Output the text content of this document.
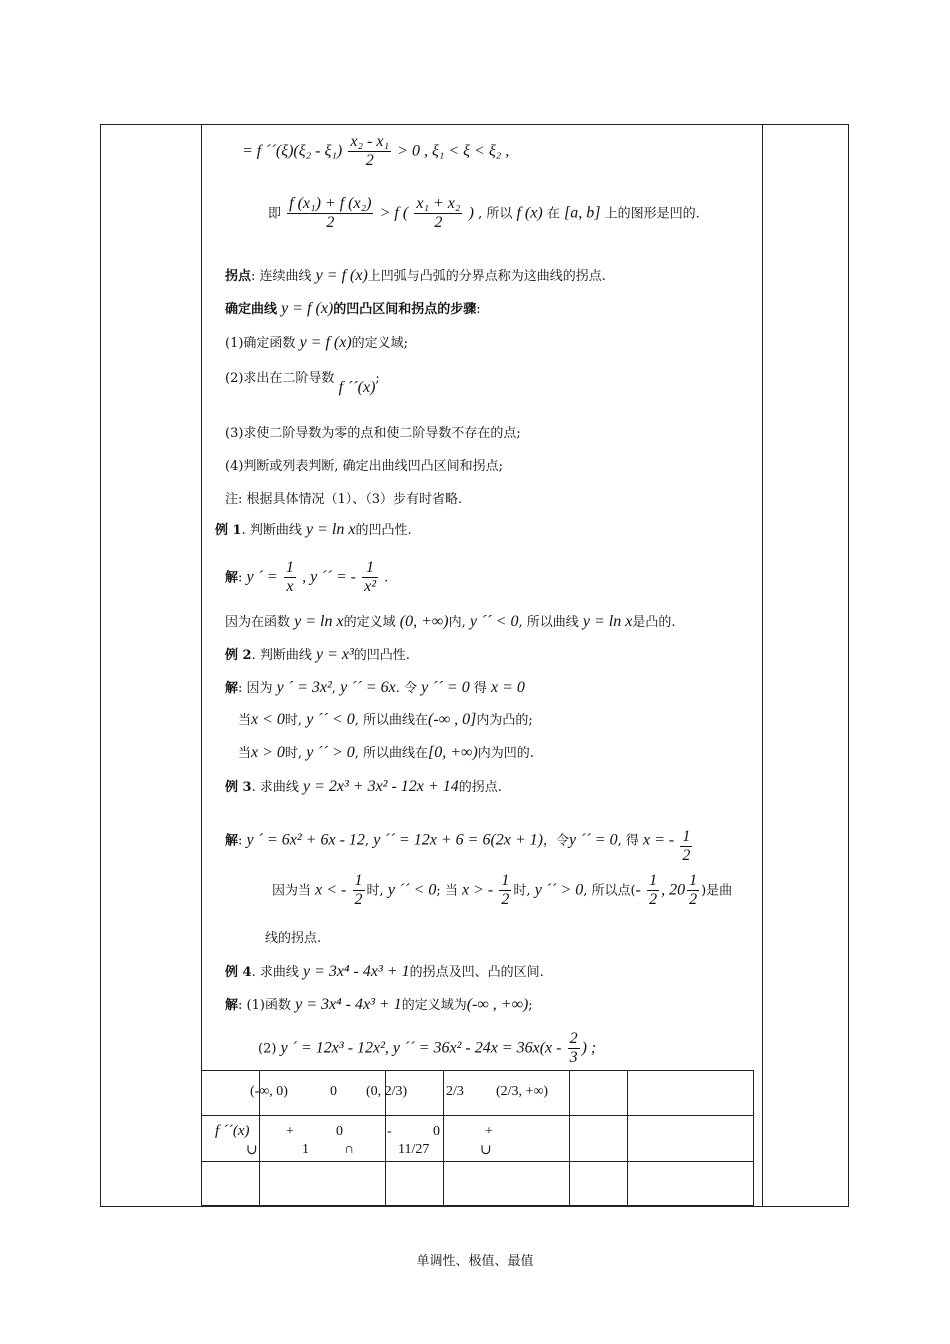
= f ´´(ξ)(ξ₂ - $\xi_1) \frac{\text{x₂ - x₁}}{2} > 0$ , ξ₁ < ξ < ξ₂ ,
即 $\frac{\text{f (x₁) + f (x₂)}}{2} > f$ ( $\frac{\text{x₁ + x₂}}{2}$ ) , 所以 f (x) 在 [a, b] 上的图形是凹的.
拐点: 连续曲线 y = f (x)上凹弧与凸弧的分界点称为这曲线的拐点.
确定曲线 y = f (x)的凹凸区间和拐点的步骤:
(1)确定函数 y = f (x)的定义域;
(2)求出在二阶导数 f ´´(x);
(3)求使二阶导数为零的点和使二阶导数不存在的点;
(4)判断或列表判断, 确定出曲线凹凸区间和拐点;
注: 根据具体情况（1）、（3）步有时省略.
例 1. 判断曲线 y = ln x的凹凸性.
解: y ´ = $\frac{1}{x}$ , y ´´ = - $\frac{1}{\text{x²}}$ .
因为在函数 y = ln x的定义域 (0, +∞)内, y ´´ < 0, 所以曲线 y = ln x是凸的.
例 2. 判断曲线 y = x³的凹凸性.
解: 因为 y ´ = 3x², y ´´ = 6x. 令 y ´´ = 0 得 x = 0
当x < 0时, y ´´ < 0, 所以曲线在(-∞ , 0]内为凸的;
当x > 0时, y ´´ > 0, 所以曲线在[0, +∞)内为凹的.
例 3. 求曲线 y = 2x³ + 3x² - 12x + 14的拐点.
解: y ´ = 6x² + 6x - 12, y ´´ = 12x + 6 = 6(2x + 1)，令y ´´ = 0, 得 x = - $\frac{1}{2}$
因为当 x < - $\frac{1}{2}$ 时, y ´´ < 0; 当 x > - $\frac{1}{2}$ 时, y ´´ > 0, 所以点(- $\frac{1}{2}$ , $20 \frac{1}{2}$ )是曲
线的拐点.
例 4. 求曲线 y = 3x⁴ - 4x³ + 1的拐点及凹、凸的区间.
解: (1)函数 y = 3x⁴ - 4x³ + 1的定义域为(-∞ , +∞);
(2) y ´ = 12x³ - 12x², y ´´ = $36x^2 - 24x = 36x(x - \frac{2}{3}$ ) ;
(-∞, 0)	0 (0, 2/3)	2/3 (2/3, +∞)
f ´´(x)	+	0	-	0	+
∪	1	∩	11/27	∪
单调性、极值、最值
